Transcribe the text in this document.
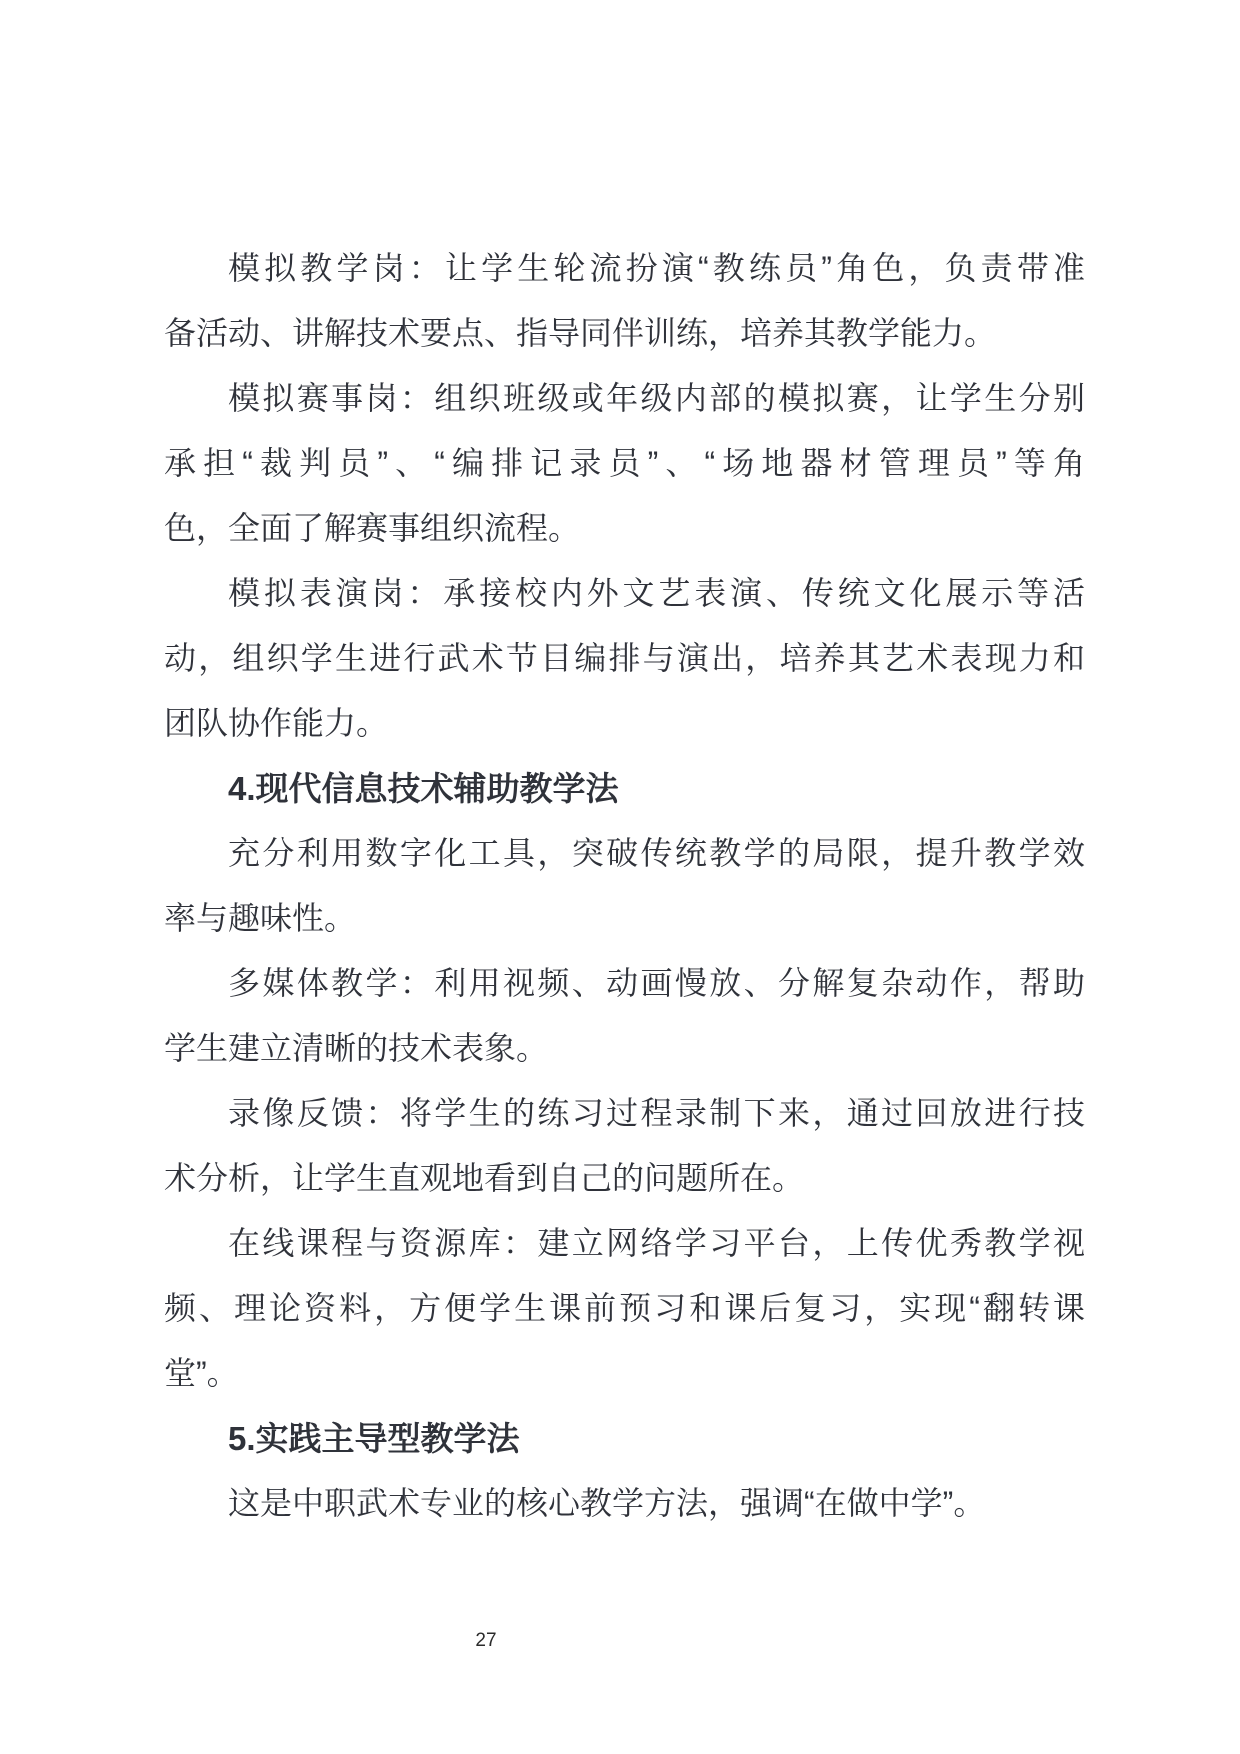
模拟教学岗：让学生轮流扮演“教练员”角色，负责带准
备活动、讲解技术要点、指导同伴训练，培养其教学能力。
模拟赛事岗：组织班级或年级内部的模拟赛，让学生分别
承担“裁判员”、“编排记录员”、“场地器材管理员”等角
色，全面了解赛事组织流程。
模拟表演岗：承接校内外文艺表演、传统文化展示等活
动，组织学生进行武术节目编排与演出，培养其艺术表现力和
团队协作能力。
4.现代信息技术辅助教学法
充分利用数字化工具，突破传统教学的局限，提升教学效
率与趣味性。
多媒体教学：利用视频、动画慢放、分解复杂动作，帮助
学生建立清晰的技术表象。
录像反馈：将学生的练习过程录制下来，通过回放进行技
术分析，让学生直观地看到自己的问题所在。
在线课程与资源库：建立网络学习平台，上传优秀教学视
频、理论资料，方便学生课前预习和课后复习，实现“翻转课
堂”。
5.实践主导型教学法
这是中职武术专业的核心教学方法，强调“在做中学”。
27
